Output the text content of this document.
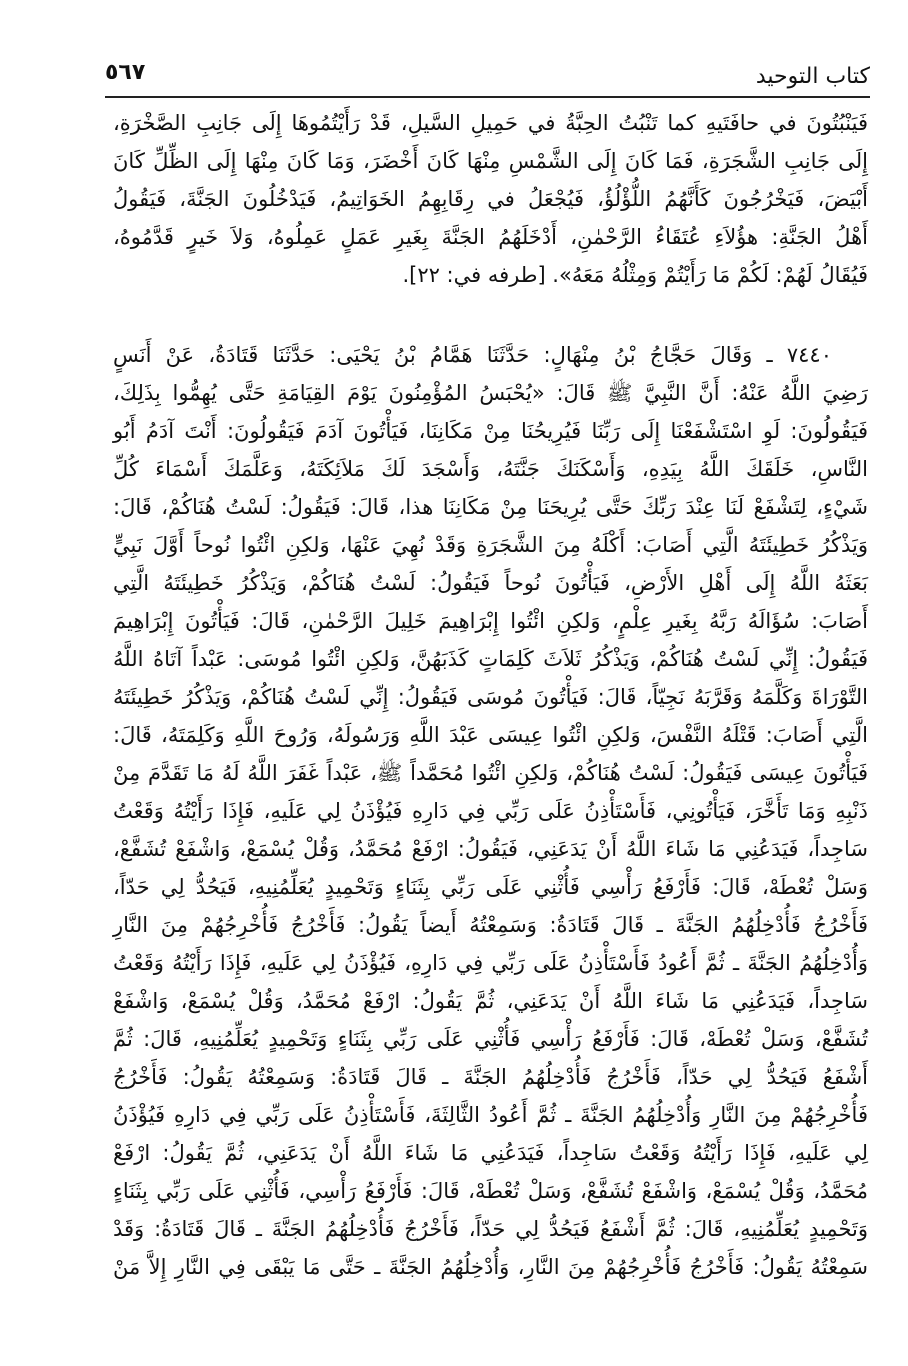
٥٦٧	كتاب التوحيد
فَيَنْبُتُونَ في حافَتَيهِ كما تَنْبُتُ الحِبَّةُ في حَمِيلِ السَّيلِ، قَدْ رَأَيْتُمُوهَا إِلَى جَانِبِ الصَّخْرَةِ،
إِلَى جَانِبِ الشَّجَرَةِ، فَمَا كَانَ إِلَى الشَّمْسِ مِنْهَا كَانَ أَخْضَرَ، وَمَا كَانَ مِنْهَا إِلَى الظِّلِّ كَانَ
أَبْيَضَ، فَيَخْرُجُونَ كَأَنَّهُمُ اللُّؤْلُؤُ، فَيُجْعَلُ في رِقَابِهِمُ الخَوَاتِيمُ، فَيَدْخُلُونَ الجَنَّةَ، فَيَقُولُ
أَهْلُ الجَنَّةِ: هؤُلاَءِ عُتَقَاءُ الرَّحْمٰنِ، أَدْخَلَهُمُ الجَنَّةَ بِغَيرِ عَمَلٍ عَمِلُوهُ، وَلاَ خَيرٍ قَدَّمُوهُ،
فَيُقَالُ لَهُمْ: لَكُمْ مَا رَأَيْتُمْ وَمِثْلُهُ مَعَهُ». [طرفه في: ٢٢].
٧٤٤٠ ـ وَقَالَ حَجَّاجُ بْنُ مِنْهَالٍ: حَدَّثَنَا هَمَّامُ بْنُ يَحْيَى: حَدَّثَنَا قَتَادَةُ، عَنْ أَنَسٍ
رَضِيَ اللَّهُ عَنْهُ: أَنَّ النَّبِيَّ ﷺ قَالَ: «يُحْبَسُ المُؤْمِنُونَ يَوْمَ القِيَامَةِ حَتَّى يُهِمُّوا بِذَلِكَ،
فَيَقُولُونَ: لَوِ اسْتَشْفَعْنَا إِلَى رَبِّنَا فَيُرِيحُنَا مِنْ مَكَانِنَا، فَيَأْتُونَ آدَمَ فَيَقُولُونَ: أَنْتَ آدَمُ أَبُو
النَّاسِ، خَلَقَكَ اللَّهُ بِيَدِهِ، وَأَسْكَنَكَ جَنَّتَهُ، وَأَسْجَدَ لَكَ مَلاَئِكَتَهُ، وَعَلَّمَكَ أَسْمَاءَ كُلِّ
شَيْءٍ، لِتَشْفَعْ لَنَا عِنْدَ رَبِّكَ حَتَّى يُرِيحَنَا مِنْ مَكَانِنَا هذا، قَالَ: فَيَقُولُ: لَسْتُ هُنَاكُمْ، قَالَ:
وَيَذْكُرُ خَطِيئَتَهُ الَّتِي أَصَابَ: أَكْلَهُ مِنَ الشَّجَرَةِ وَقَدْ نُهِيَ عَنْهَا، وَلكِنِ ائْتُوا نُوحاً أَوَّلَ نَبِيٍّ
بَعَثَهُ اللَّهُ إِلَى أَهْلِ الأَرْضِ، فَيَأْتُونَ نُوحاً فَيَقُولُ: لَسْتُ هُنَاكُمْ، وَيَذْكُرُ خَطِيئَتَهُ الَّتِي
أَصَابَ: سُؤَالَهُ رَبَّهُ بِغَيرِ عِلْمٍ، وَلكِنِ ائْتُوا إِبْرَاهِيمَ خَلِيلَ الرَّحْمٰنِ، قَالَ: فَيَأْتُونَ إِبْرَاهِيمَ
فَيَقُولُ: إِنِّي لَسْتُ هُنَاكُمْ، وَيَذْكُرُ ثَلاَثَ كَلِمَاتٍ كَذَبَهُنَّ، وَلكِنِ ائْتُوا مُوسَى: عَبْداً آتَاهُ اللَّهُ
التَّوْرَاةَ وَكَلَّمَهُ وَقَرَّبَهُ نَجِيّاً، قَالَ: فَيَأْتُونَ مُوسَى فَيَقُولُ: إِنِّي لَسْتُ هُنَاكُمْ، وَيَذْكُرُ خَطِيئَتَهُ
الَّتِي أَصَابَ: قَتْلَهُ النَّفْسَ، وَلكِنِ ائْتُوا عِيسَى عَبْدَ اللَّهِ وَرَسُولَهُ، وَرُوحَ اللَّهِ وَكَلِمَتَهُ، قَالَ:
فَيَأْتُونَ عِيسَى فَيَقُولُ: لَسْتُ هُنَاكُمْ، وَلكِنِ ائْتُوا مُحَمَّداً ﷺ، عَبْداً غَفَرَ اللَّهُ لَهُ مَا تَقَدَّمَ مِنْ
ذَنْبِهِ وَمَا تَأَخَّرَ، فَيَأْتُونِي، فَأَسْتَأْذِنُ عَلَى رَبِّي فِي دَارِهِ فَيُؤْذَنُ لِي عَلَيهِ، فَإِذَا رَأَيْتُهُ وَقَعْتُ
سَاجِداً، فَيَدَعُنِي مَا شَاءَ اللَّهُ أَنْ يَدَعَنِي، فَيَقُولُ: ارْفَعْ مُحَمَّدُ، وَقُلْ يُسْمَعْ، وَاشْفَعْ تُشَفَّعْ،
وَسَلْ تُعْطَهْ، قَالَ: فَأَرْفَعُ رَأْسِي فَأُثْنِي عَلَى رَبِّي بِثَنَاءٍ وَتَحْمِيدٍ يُعَلِّمُنِيهِ، فَيَحُدُّ لِي حَدّاً،
فَأَخْرُجُ فَأُدْخِلُهُمُ الجَنَّةَ ـ قَالَ قَتَادَةُ: وَسَمِعْتُهُ أَيضاً يَقُولُ: فَأَخْرُجُ فَأُخْرِجُهُمْ مِنَ النَّارِ
وَأُدْخِلُهُمُ الجَنَّةَ ـ ثُمَّ أَعُودُ فَأَسْتَأْذِنُ عَلَى رَبِّي فِي دَارِهِ، فَيُؤْذَنُ لِي عَلَيهِ، فَإِذَا رَأَيْتُهُ وَقَعْتُ
سَاجِداً، فَيَدَعُنِي مَا شَاءَ اللَّهُ أَنْ يَدَعَنِي، ثُمَّ يَقُولُ: ارْفَعْ مُحَمَّدُ، وَقُلْ يُسْمَعْ، وَاشْفَعْ
تُشَفَّعْ، وَسَلْ تُعْطَهْ، قَالَ: فَأَرْفَعُ رَأْسِي فَأُثْنِي عَلَى رَبِّي بِثَنَاءٍ وَتَحْمِيدٍ يُعَلِّمُنِيهِ، قَالَ: ثُمَّ
أَشْفَعُ فَيَحُدُّ لِي حَدّاً، فَأَخْرُجُ فَأُدْخِلُهُمُ الجَنَّةَ ـ قَالَ قَتَادَةُ: وَسَمِعْتُهُ يَقُولُ: فَأَخْرُجُ
فَأُخْرِجُهُمْ مِنَ النَّارِ وَأُدْخِلُهُمُ الجَنَّةَ ـ ثُمَّ أَعُودُ الثَّالِثَةَ، فَأَسْتَأْذِنُ عَلَى رَبِّي فِي دَارِهِ فَيُؤْذَنُ
لِي عَلَيهِ، فَإِذَا رَأَيْتُهُ وَقَعْتُ سَاجِداً، فَيَدَعُنِي مَا شَاءَ اللَّهُ أَنْ يَدَعَنِي، ثُمَّ يَقُولُ: ارْفَعْ
مُحَمَّدُ، وَقُلْ يُسْمَعْ، وَاشْفَعْ تُشَفَّعْ، وَسَلْ تُعْطَهْ، قَالَ: فَأَرْفَعُ رَأْسِي، فَأُثْنِي عَلَى رَبِّي بِثَنَاءٍ
وَتَحْمِيدٍ يُعَلِّمُنِيهِ، قَالَ: ثُمَّ أَشْفَعُ فَيَحُدُّ لِي حَدّاً، فَأَخْرُجُ فَأُدْخِلُهُمُ الجَنَّةَ ـ قَالَ قَتَادَةُ: وَقَدْ
سَمِعْتُهُ يَقُولُ: فَأَخْرُجُ فَأُخْرِجُهُمْ مِنَ النَّارِ، وَأُدْخِلُهُمُ الجَنَّةَ ـ حَتَّى مَا يَبْقَى فِي النَّارِ إِلاَّ مَنْ
